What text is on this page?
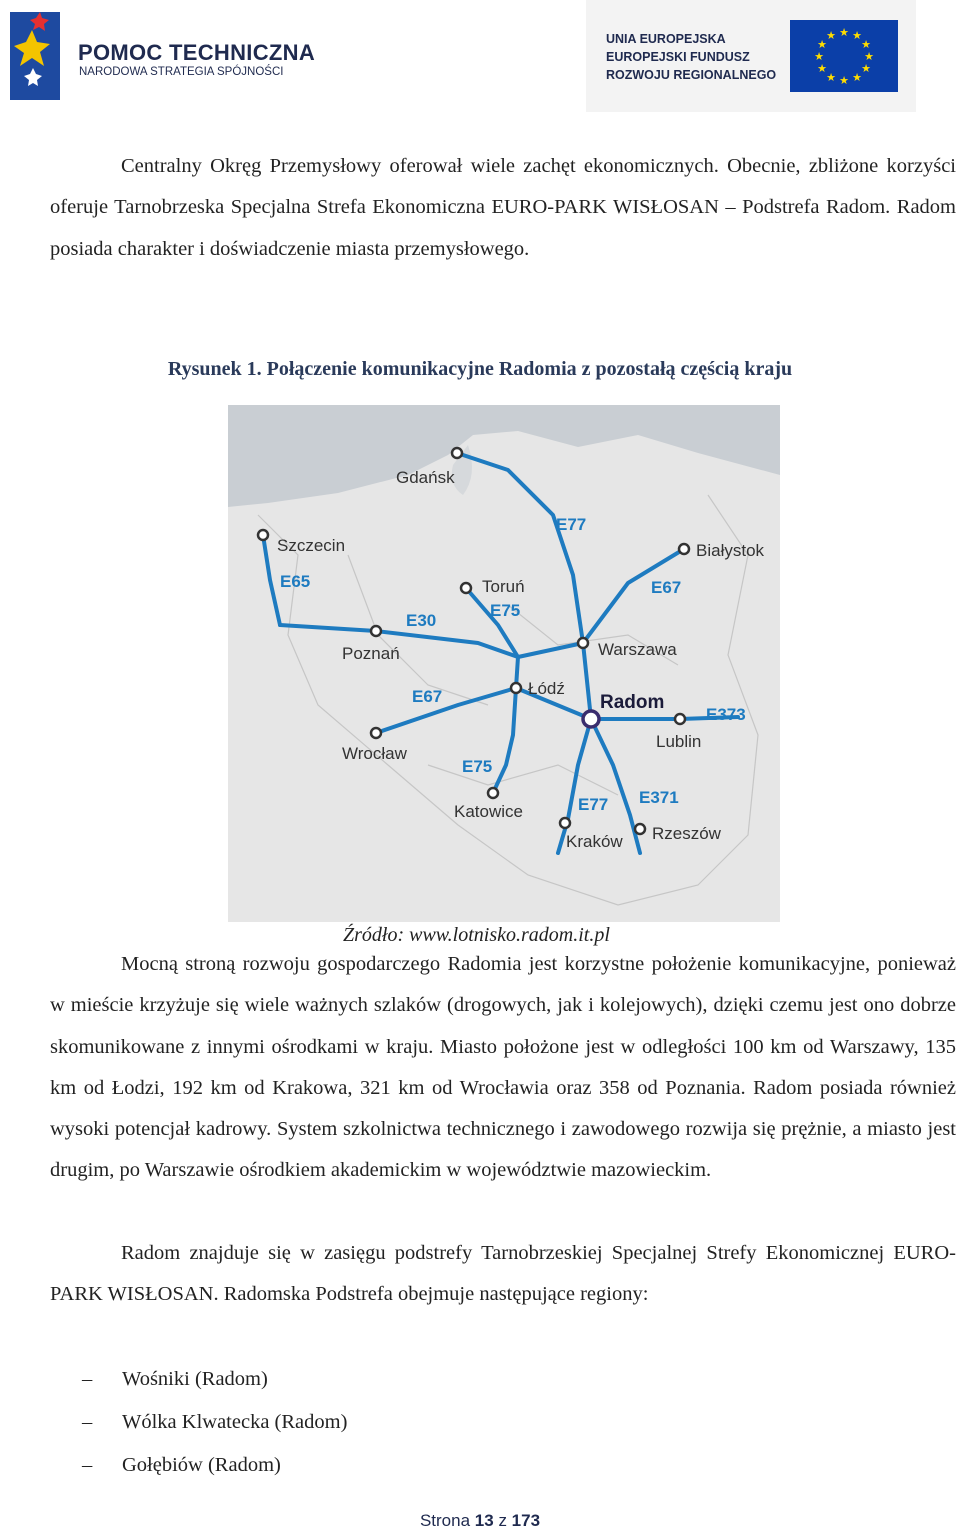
POMOC TECHNICZNA
NARODOWA STRATEGIA SPÓJNOŚCI
UNIA EUROPEJSKA
EUROPEJSKI FUNDUSZ
ROZWOJU REGIONALNEGO
★ ★
★
★
★
★
★
★
★
★
★
★

Centralny Okręg Przemysłowy oferował wiele zachęt ekonomicznych. Obecnie, zbliżone korzyści oferuje Tarnobrzeska Specjalna Strefa Ekonomiczna EURO-PARK WISŁOSAN – Podstrefa Radom. Radom posiada charakter i doświadczenie miasta przemysłowego.

Rysunek 1. Połączenie komunikacyjne Radomia z pozostałą częścią kraju
Gdańsk
Szczecin	Białystok
Toruń
Warszawa
Poznań
Łódź
Radom
Lublin
Wrocław
Katowice
Kraków Rzeszów
E77
E65	E67
E30
E75
E67
E373
E75
E77 E371
Źródło: www.lotnisko.radom.it.pl

Mocną stroną rozwoju gospodarczego Radomia jest korzystne położenie komunikacyjne, ponieważ w mieście krzyżuje się wiele ważnych szlaków (drogowych, jak i kolejowych), dzięki czemu jest ono dobrze skomunikowane z innymi ośrodkami w kraju. Miasto położone jest w odległości 100 km od Warszawy, 135 km od Łodzi, 192 km od Krakowa, 321 km od Wrocławia oraz 358 od Poznania. Radom posiada również wysoki potencjał kadrowy. System szkolnictwa technicznego i zawodowego rozwija się prężnie, a miasto jest drugim, po Warszawie ośrodkiem akademickim w województwie mazowieckim.

Radom znajduje się w zasięgu podstrefy Tarnobrzeskiej Specjalnej Strefy Ekonomicznej EURO-PARK WISŁOSAN. Radomska Podstrefa obejmuje następujące regiony:

– Wośniki (Radom)
– Wólka Klwatecka (Radom)
– Gołębiów (Radom)
Strona 13 z 173
